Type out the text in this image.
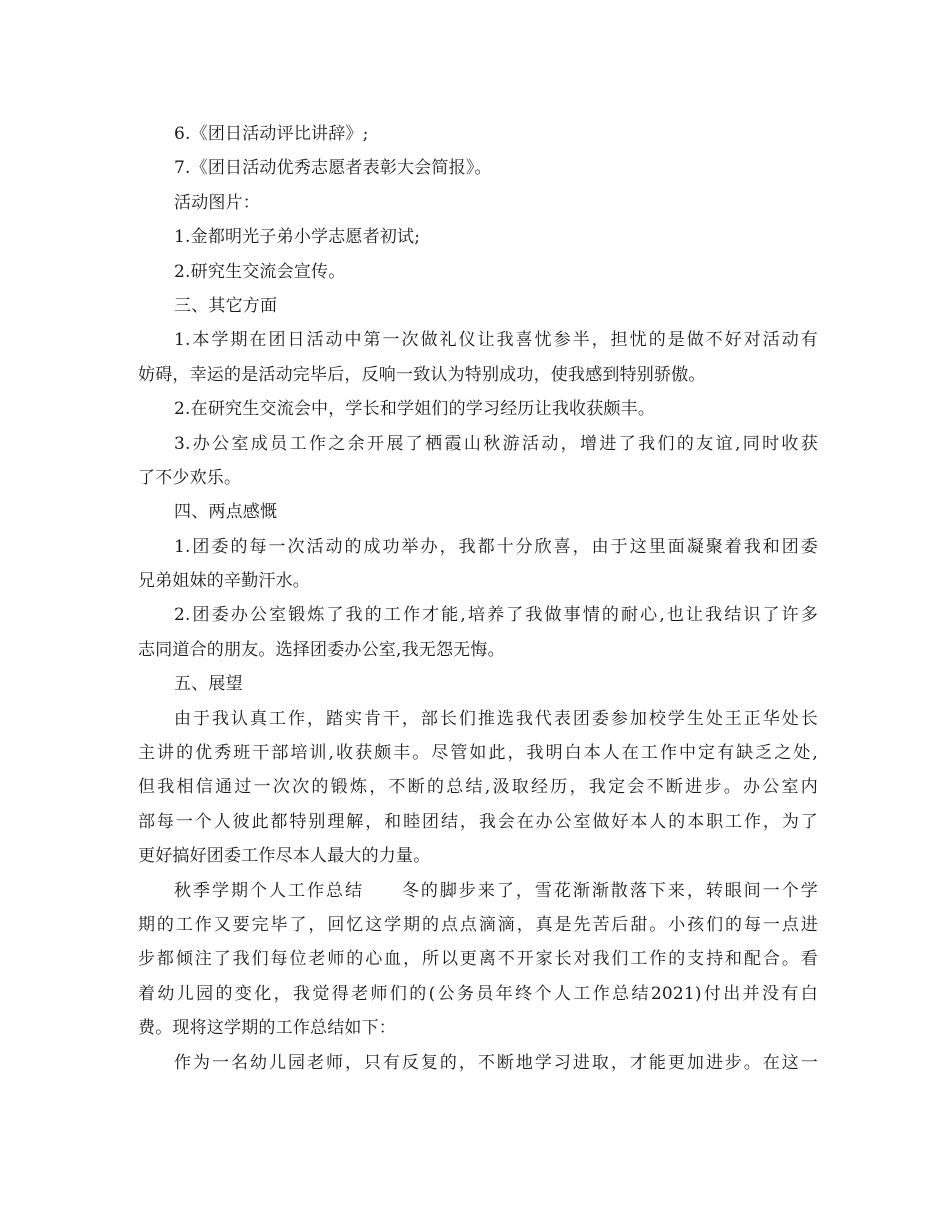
6.《团日活动评比讲辞》;
7.《团日活动优秀志愿者表彰大会简报》。
活动图片：
1.金都明光子弟小学志愿者初试;
2.研究生交流会宣传。
三、其它方面
1.本学期在团日活动中第一次做礼仪让我喜忧参半，担忧的是做不好对活动有
妨碍，幸运的是活动完毕后，反响一致认为特别成功，使我感到特别骄傲。
2.在研究生交流会中，学长和学姐们的学习经历让我收获颇丰。
3.办公室成员工作之余开展了栖霞山秋游活动，增进了我们的友谊,同时收获
了不少欢乐。
四、两点感慨
1.团委的每一次活动的成功举办，我都十分欣喜，由于这里面凝聚着我和团委
兄弟姐妹的辛勤汗水。
2.团委办公室锻炼了我的工作才能,培养了我做事情的耐心,也让我结识了许多
志同道合的朋友。选择团委办公室,我无怨无悔。
五、展望
由于我认真工作，踏实肯干，部长们推选我代表团委参加校学生处王正华处长
主讲的优秀班干部培训,收获颇丰。尽管如此，我明白本人在工作中定有缺乏之处,
但我相信通过一次次的锻炼，不断的总结,汲取经历，我定会不断进步。办公室内
部每一个人彼此都特别理解，和睦团结，我会在办公室做好本人的本职工作，为了
更好搞好团委工作尽本人最大的力量。
秋季学期个人工作总结　　冬的脚步来了，雪花渐渐散落下来，转眼间一个学
期的工作又要完毕了，回忆这学期的点点滴滴，真是先苦后甜。小孩们的每一点进
步都倾注了我们每位老师的心血，所以更离不开家长对我们工作的支持和配合。看
着幼儿园的变化，我觉得老师们的(公务员年终个人工作总结2021)付出并没有白
费。现将这学期的工作总结如下：
作为一名幼儿园老师，只有反复的，不断地学习进取，才能更加进步。在这一
